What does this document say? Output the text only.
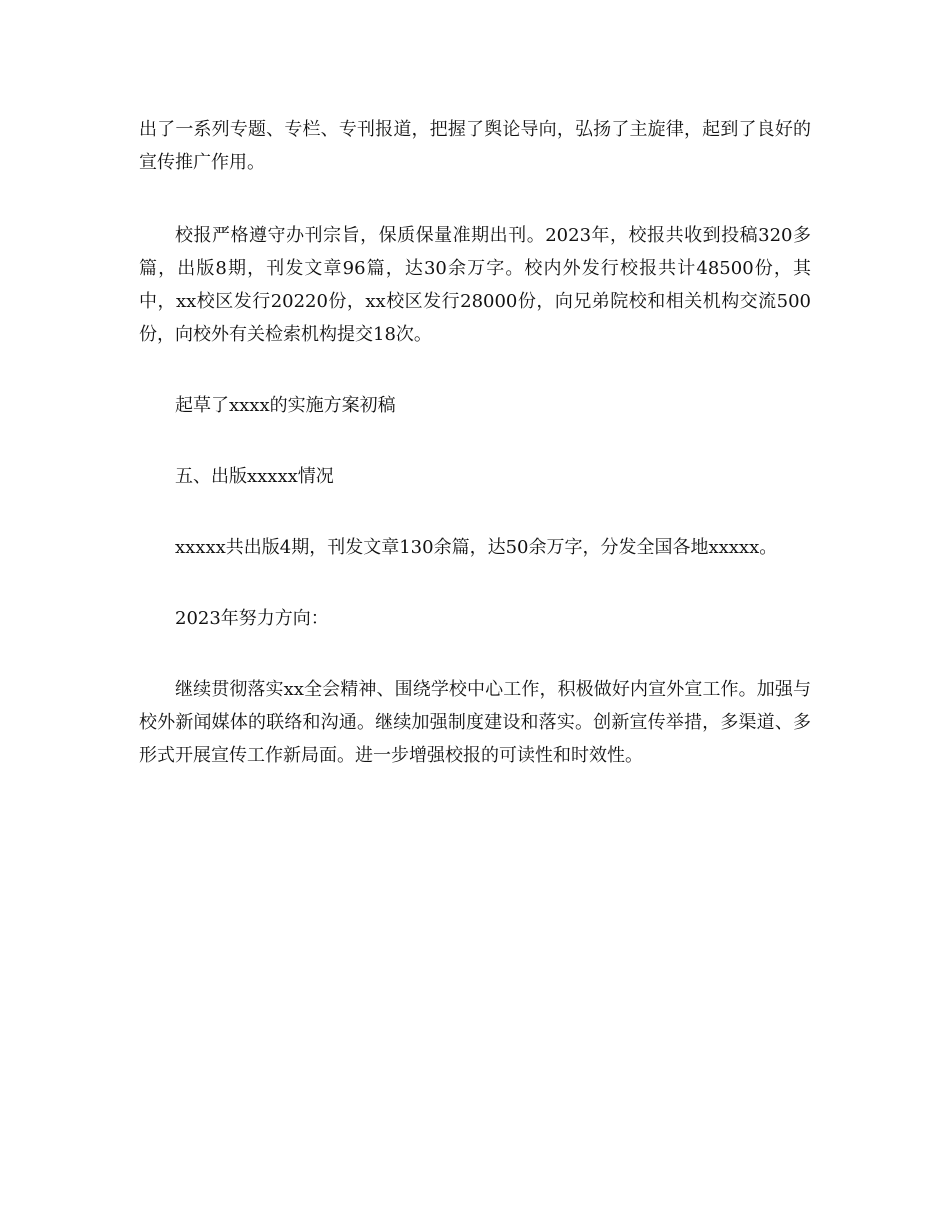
出了一系列专题、专栏、专刊报道，把握了舆论导向，弘扬了主旋律，起到了良好的宣传推广作用。

校报严格遵守办刊宗旨，保质保量准期出刊。2023年，校报共收到投稿320多篇，出版8期，刊发文章96篇，达30余万字。校内外发行校报共计48500份，其中，xx校区发行20220份，xx校区发行28000份，向兄弟院校和相关机构交流500份，向校外有关检索机构提交18次。

起草了xxxx的实施方案初稿

五、出版xxxxx情况

xxxxx共出版4期，刊发文章130余篇，达50余万字，分发全国各地xxxxx。

2023年努力方向：

继续贯彻落实xx全会精神、围绕学校中心工作，积极做好内宣外宣工作。加强与校外新闻媒体的联络和沟通。继续加强制度建设和落实。创新宣传举措，多渠道、多形式开展宣传工作新局面。进一步增强校报的可读性和时效性。
